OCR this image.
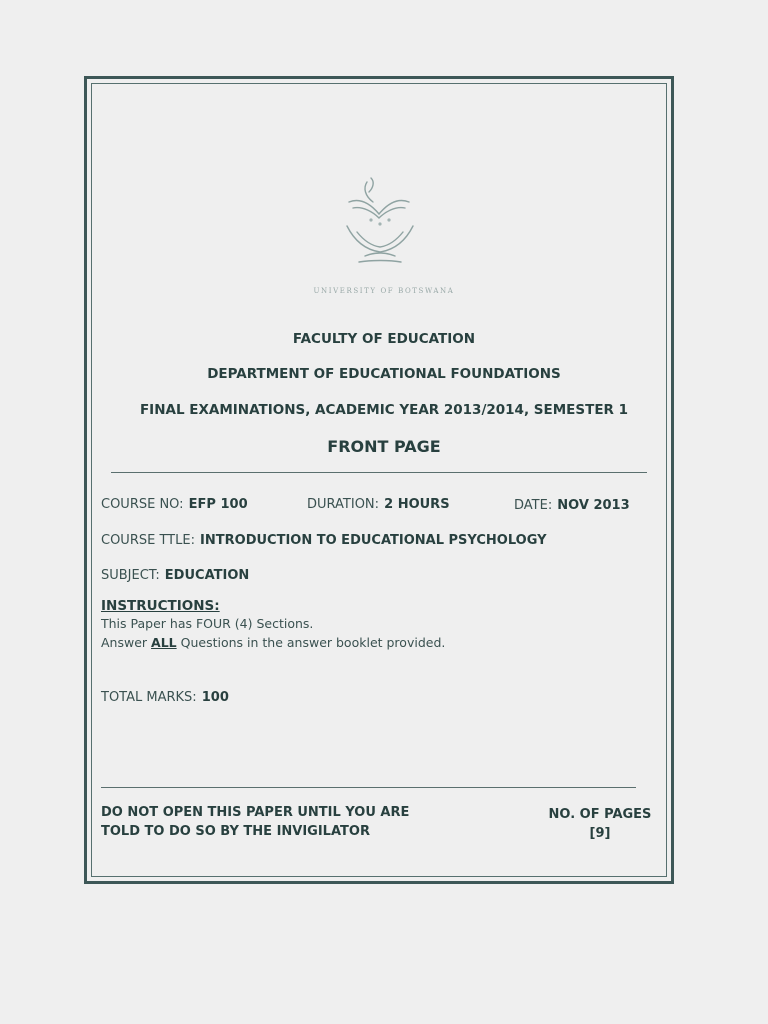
UNIVERSITY OF BOTSWANA
FACULTY OF EDUCATION
DEPARTMENT OF EDUCATIONAL FOUNDATIONS
FINAL EXAMINATIONS, ACADEMIC YEAR 2013/2014, SEMESTER 1
FRONT PAGE
COURSE NO: EFP 100	DURATION: 2 HOURS	DATE: NOV 2013
COURSE TTLE: INTRODUCTION TO EDUCATIONAL PSYCHOLOGY
SUBJECT: EDUCATION
INSTRUCTIONS:
This Paper has FOUR (4) Sections.
Answer ALL Questions in the answer booklet provided.
TOTAL MARKS: 100
DO NOT OPEN THIS PAPER UNTIL YOU ARE
TOLD TO DO SO BY THE INVIGILATOR
NO. OF PAGES
[9]
